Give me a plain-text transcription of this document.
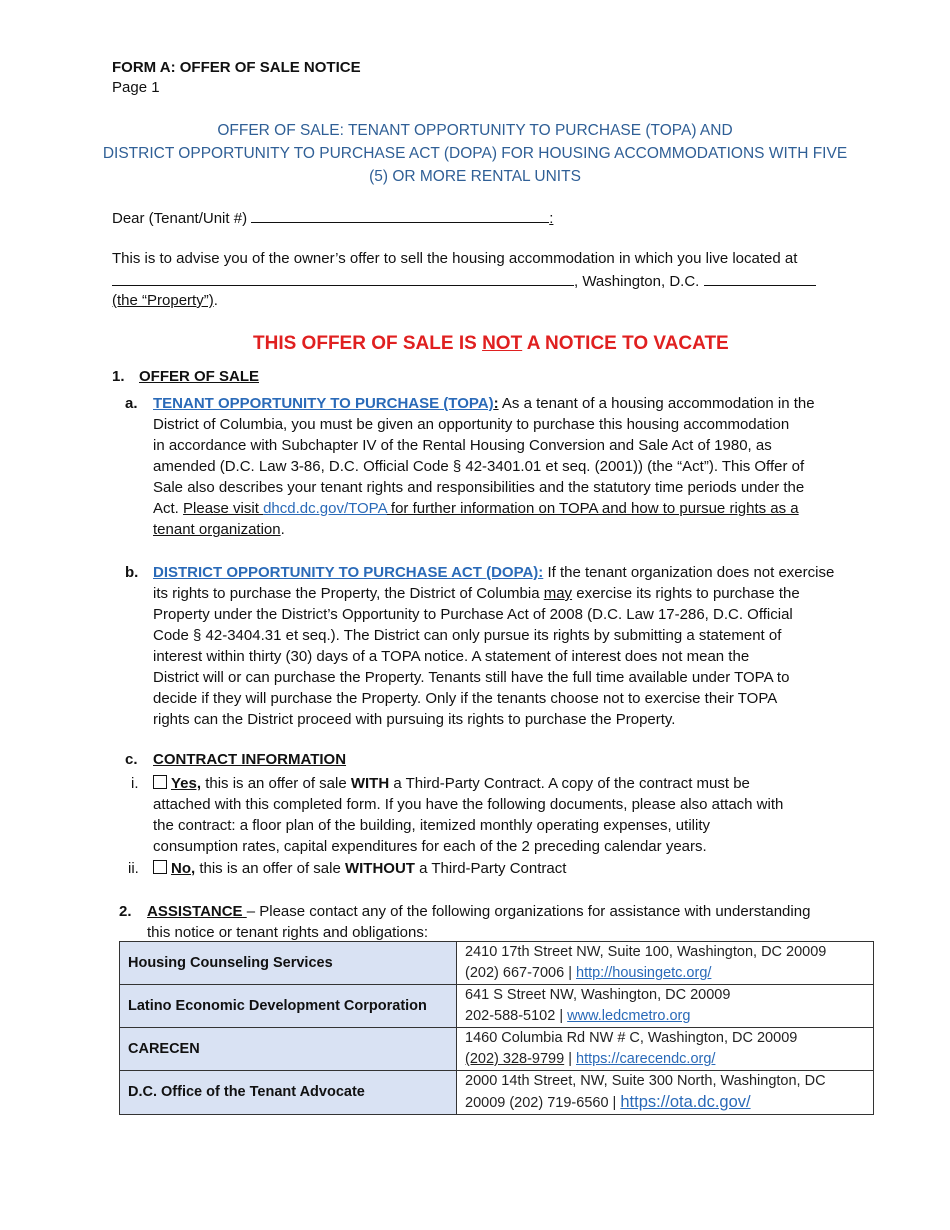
FORM A: OFFER OF SALE NOTICE
Page 1
OFFER OF SALE: TENANT OPPORTUNITY TO PURCHASE (TOPA) AND
DISTRICT OPPORTUNITY TO PURCHASE ACT (DOPA) FOR HOUSING ACCOMMODATIONS WITH FIVE
(5) OR MORE RENTAL UNITS
Dear (Tenant/Unit #)	:
This is to advise you of the owner’s offer to sell the housing accommodation in which you live located at
, Washington, D.C.
(the “Property”).
THIS OFFER OF SALE IS NOT A NOTICE TO VACATE
1. OFFER OF SALE
a. TENANT OPPORTUNITY TO PURCHASE (TOPA): As a tenant of a housing accommodation in the

District of Columbia, you must be given an opportunity to purchase this housing accommodation

in accordance with Subchapter IV of the Rental Housing Conversion and Sale Act of 1980, as

amended (D.C. Law 3-86, D.C. Official Code § 42-3401.01 et seq. (2001)) (the “Act”). This Offer of

Sale also describes your tenant rights and responsibilities and the statutory time periods under the

Act. Please visit dhcd.dc.gov/TOPA for further information on TOPA and how to pursue rights as a

tenant organization.

b. DISTRICT OPPORTUNITY TO PURCHASE ACT (DOPA): If the tenant organization does not exercise

its rights to purchase the Property, the District of Columbia may exercise its rights to purchase the

Property under the District’s Opportunity to Purchase Act of 2008 (D.C. Law 17-286, D.C. Official

Code § 42-3404.31 et seq.). The District can only pursue its rights by submitting a statement of

interest within thirty (30) days of a TOPA notice. A statement of interest does not mean the

District will or can purchase the Property. Tenants still have the full time available under TOPA to

decide if they will purchase the Property. Only if the tenants choose not to exercise their TOPA

rights can the District proceed with pursuing its rights to purchase the Property.

c. CONTRACT INFORMATION
i.	Yes, this is an offer of sale WITH a Third-Party Contract. A copy of the contract must be

attached with this completed form. If you have the following documents, please also attach with

the contract: a floor plan of the building, itemized monthly operating expenses, utility

consumption rates, capital expenditures for each of the 2 preceding calendar years.

ii.	No, this is an offer of sale WITHOUT a Third-Party Contract
2. ASSISTANCE – Please contact any of the following organizations for assistance with understanding

this notice or tenant rights and obligations:

Housing Counseling Services	2410 17th Street NW, Suite 100, Washington, DC 20009
(202) 667-7006 | http://housingetc.org/

Latino Economic Development Corporation	641 S Street NW, Washington, DC 20009
202-588-5102 | www.ledcmetro.org

CARECEN	1460 Columbia Rd NW # C, Washington, DC 20009
(202) 328-9799 | https://carecendc.org/

D.C. Office of the Tenant Advocate	2000 14th Street, NW, Suite 300 North, Washington, DC
20009 (202) 719-6560 | https://ota.dc.gov/
